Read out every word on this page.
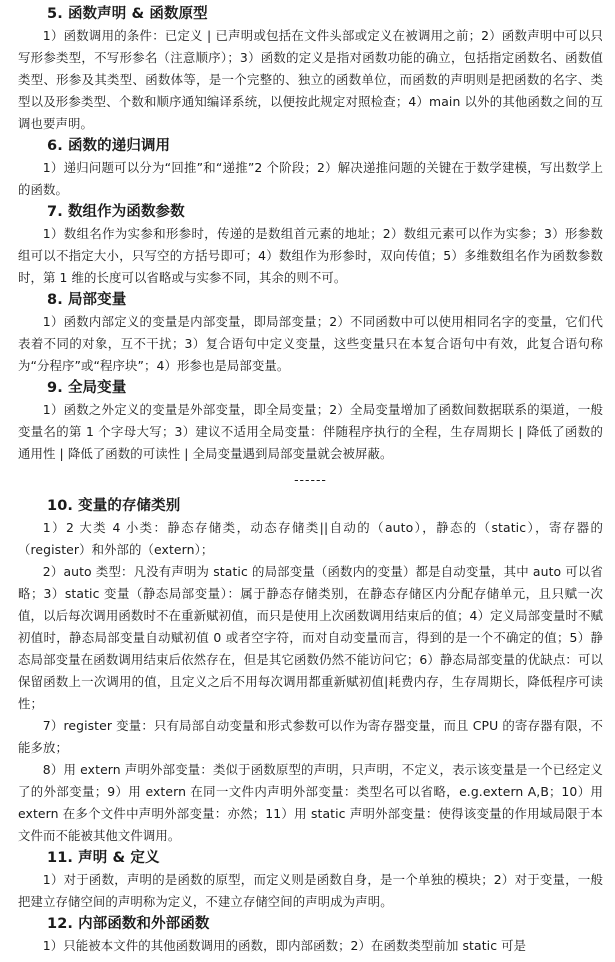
5. 函数声明 & 函数原型

1）函数调用的条件：已定义 | 已声明或包括在文件头部或定义在被调用之前；2）函数声明中可以只写形参类型，不写形参名（注意顺序）；3）函数的定义是指对函数功能的确立，包括指定函数名、函数值类型、形参及其类型、函数体等，是一个完整的、独立的函数单位，而函数的声明则是把函数的名字、类型以及形参类型、个数和顺序通知编译系统，以便按此规定对照检查；4）main 以外的其他函数之间的互调也要声明。

6. 函数的递归调用

1）递归问题可以分为“回推”和“递推”2 个阶段；2）解决递推问题的关键在于数学建模，写出数学上的函数。

7. 数组作为函数参数

1）数组名作为实参和形参时，传递的是数组首元素的地址；2）数组元素可以作为实参；3）形参数组可以不指定大小，只写空的方括号即可；4）数组作为形参时，双向传值；5）多维数组名作为函数参数时，第 1 维的长度可以省略或与实参不同，其余的则不可。

8. 局部变量

1）函数内部定义的变量是内部变量，即局部变量；2）不同函数中可以使用相同名字的变量，它们代表着不同的对象，互不干扰；3）复合语句中定义变量，这些变量只在本复合语句中有效，此复合语句称为“分程序”或“程序块”；4）形参也是局部变量。

9. 全局变量

1）函数之外定义的变量是外部变量，即全局变量；2）全局变量增加了函数间数据联系的渠道，一般变量名的第 1 个字母大写；3）建议不适用全局变量：伴随程序执行的全程，生存周期长 | 降低了函数的通用性 | 降低了函数的可读性 | 全局变量遇到局部变量就会被屏蔽。

------

10. 变量的存储类别

1）2 大类 4 小类：静态存储类，动态存储类||自动的（auto），静态的（static），寄存器的（register）和外部的（extern）；

2）auto 类型：凡没有声明为 static 的局部变量（函数内的变量）都是自动变量，其中 auto 可以省略；3）static 变量（静态局部变量）：属于静态存储类别，在静态存储区内分配存储单元，且只赋一次值，以后每次调用函数时不在重新赋初值，而只是使用上次函数调用结束后的值；4）定义局部变量时不赋初值时，静态局部变量自动赋初值 0 或者空字符，而对自动变量而言，得到的是一个不确定的值；5）静态局部变量在函数调用结束后依然存在，但是其它函数仍然不能访问它；6）静态局部变量的优缺点：可以保留函数上一次调用的值，且定义之后不用每次调用都重新赋初值|耗费内存，生存周期长，降低程序可读性；

7）register 变量：只有局部自动变量和形式参数可以作为寄存器变量，而且 CPU 的寄存器有限，不能多放；

8）用 extern 声明外部变量：类似于函数原型的声明，只声明，不定义，表示该变量是一个已经定义了的外部变量；9）用 extern 在同一文件内声明外部变量：类型名可以省略，e.g.extern A,B；10）用 extern 在多个文件中声明外部变量：亦然；11）用 static 声明外部变量：使得该变量的作用域局限于本文件而不能被其他文件调用。

11. 声明 & 定义

1）对于函数，声明的是函数的原型，而定义则是函数自身，是一个单独的模块；2）对于变量，一般把建立存储空间的声明称为定义，不建立存储空间的声明成为声明。

12. 内部函数和外部函数

1）只能被本文件的其他函数调用的函数，即内部函数；2）在函数类型前加 static 可是
